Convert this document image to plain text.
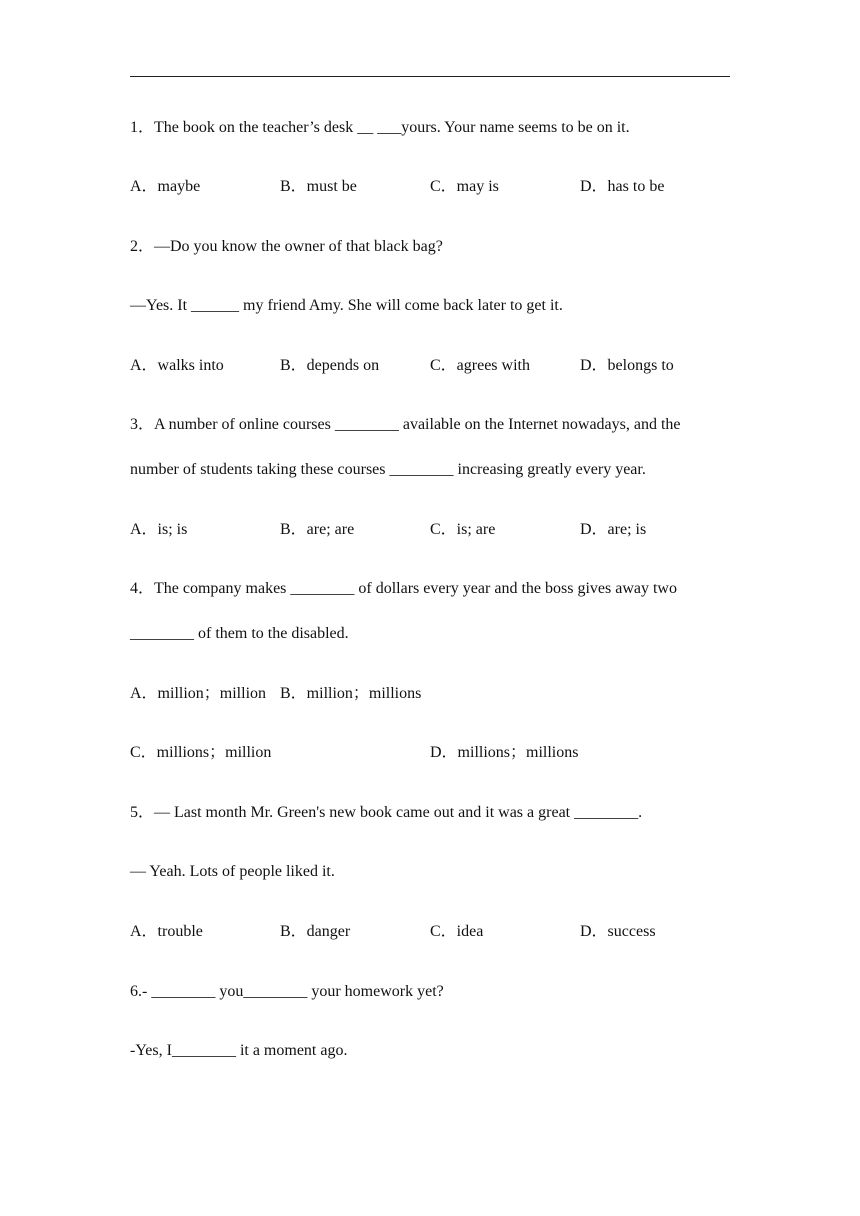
1．The book on the teacher’s desk __ ___yours. Your name seems to be on it.
A．maybe	B．must be	C．may is	D．has to be
2．—Do you know the owner of that black bag?
—Yes. It ______ my friend Amy. She will come back later to get it.
A．walks into	B．depends on	C．agrees with	D．belongs to
3．A number of online courses ________ available on the Internet nowadays, and the
number of students taking these courses ________ increasing greatly every year.
A．is; is	B．are; are	C．is; are	D．are; is
4．The company makes ________ of dollars every year and the boss gives away two
________ of them to the disabled.
A．million；million B．million；millions
C．millions；million	D．millions；millions
5．— Last month Mr. Green's new book came out and it was a great ________.
— Yeah. Lots of people liked it.
A．trouble	B．danger	C．idea	D．success
6.- ________ you________ your homework yet?
-Yes, I________ it a moment ago.
